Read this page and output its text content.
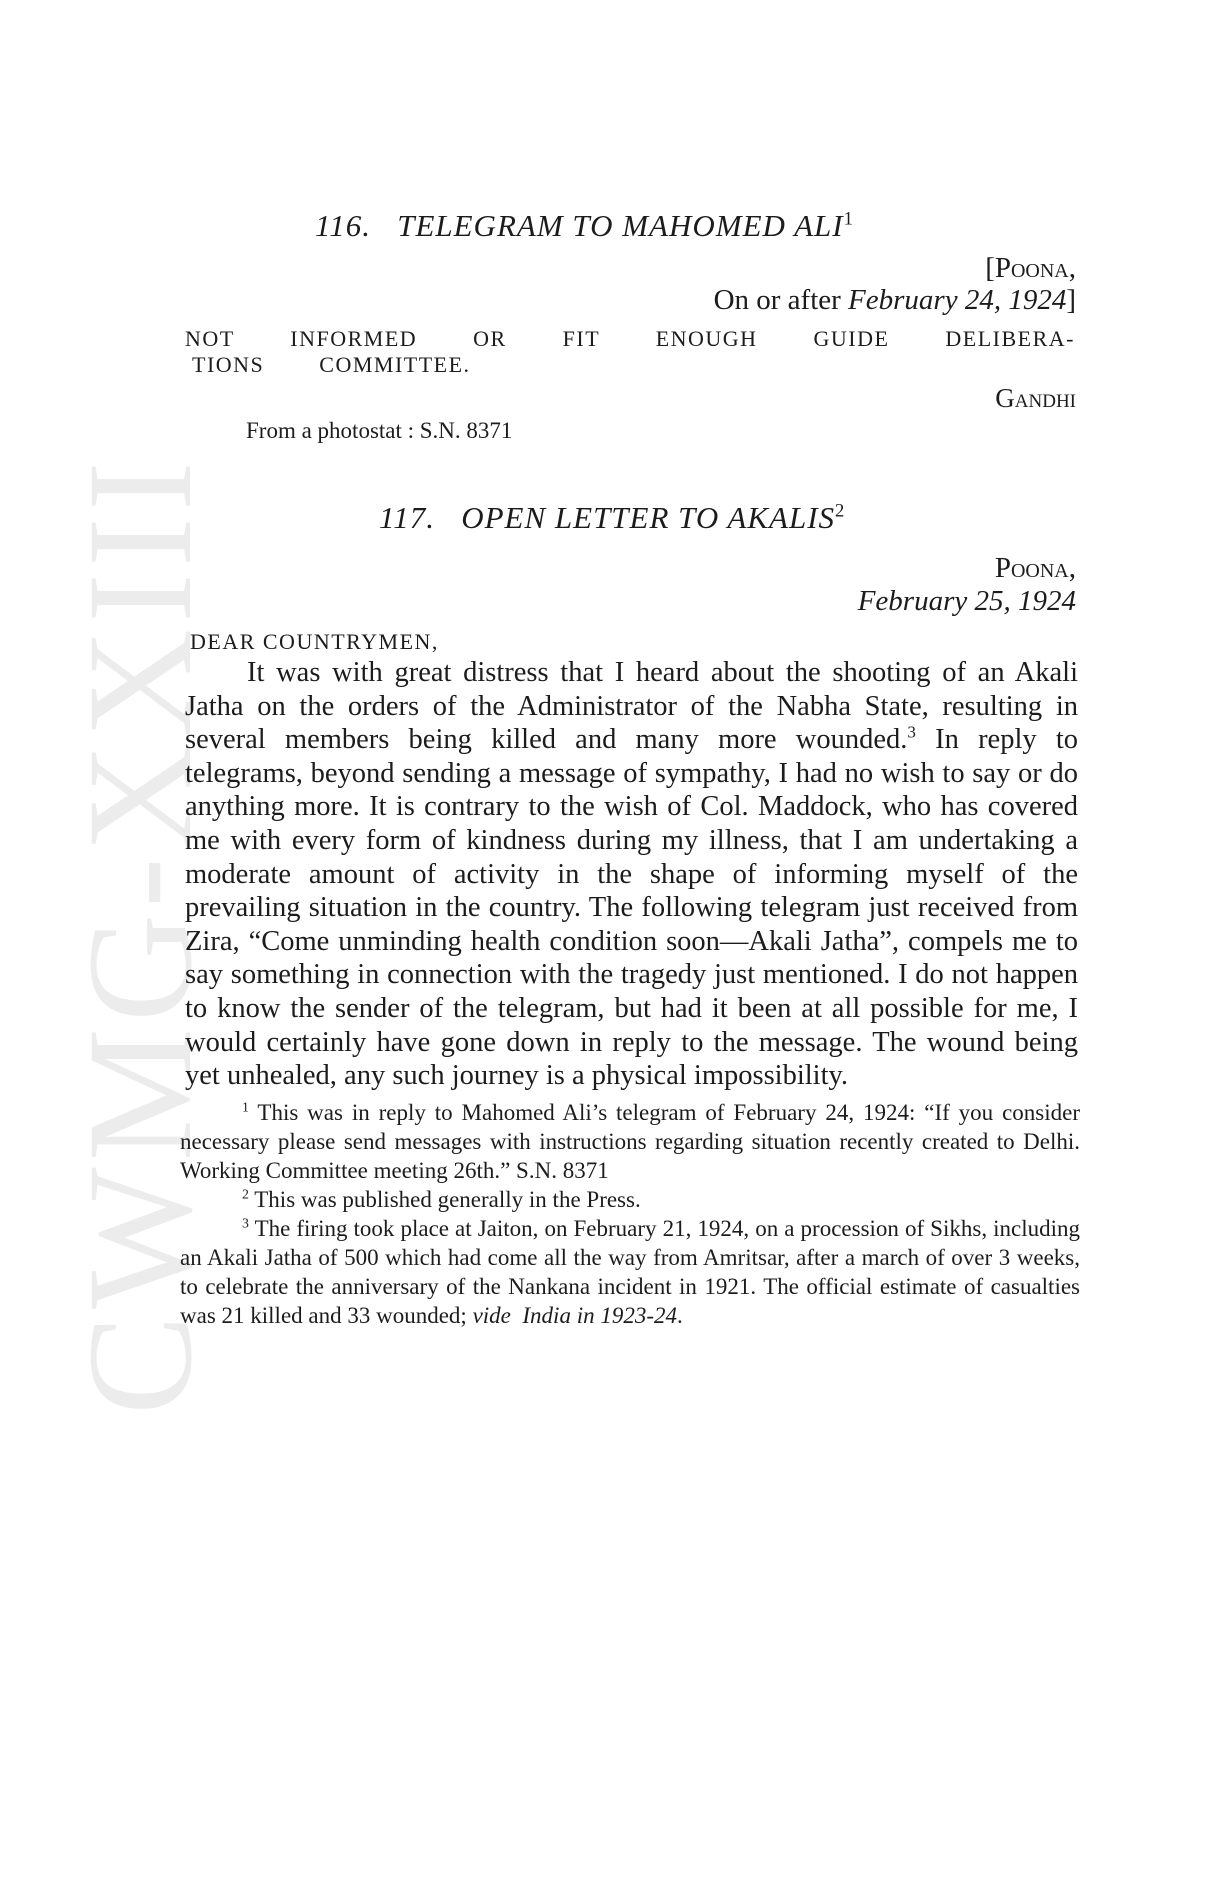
CWMG-XXIII
116. TELEGRAM TO MAHOMED ALI$^1$
[Poona,
On or after February 24, 1924]
NOT INFORMED OR FIT ENOUGH GUIDE DELIBERA-
TIONS COMMITTEE.
Gandhi
From a photostat : S.N. 8371
117. OPEN LETTER TO AKALIS$^2$
Poona,
February 25, 1924
DEAR COUNTRYMEN,

It was with great distress that I heard about the shooting of an Akali Jatha on the orders of the Administrator of the Nabha State, resulting in several members being killed and many more wounded.$^3$ In reply to telegrams, beyond sending a message of sympathy, I had no wish to say or do anything more. It is contrary to the wish of Col. Maddock, who has covered me with every form of kindness during my illness, that I am undertaking a moderate amount of activity in the shape of informing myself of the prevailing situation in the country. The following telegram just received from Zira, “Come unminding health condition soon—Akali Jatha”, compels me to say something in connection with the tragedy just mentioned. I do not happen to know the sender of the telegram, but had it been at all possible for me, I would certainly have gone down in reply to the message. The wound being yet unhealed, any such journey is a physical impossibility.

$^1$ This was in reply to Mahomed Ali’s telegram of February 24, 1924: “If you consider necessary please send messages with instructions regarding situation recently created to Delhi. Working Committee meeting 26th.” S.N. 8371

$^2$ This was published generally in the Press.

$^3$ The firing took place at Jaiton, on February 21, 1924, on a procession of Sikhs, including an Akali Jatha of 500 which had come all the way from Amritsar, after a march of over 3 weeks, to celebrate the anniversary of the Nankana incident in 1921. The official estimate of casualties was 21 killed and 33 wounded; vide India in 1923-24.
